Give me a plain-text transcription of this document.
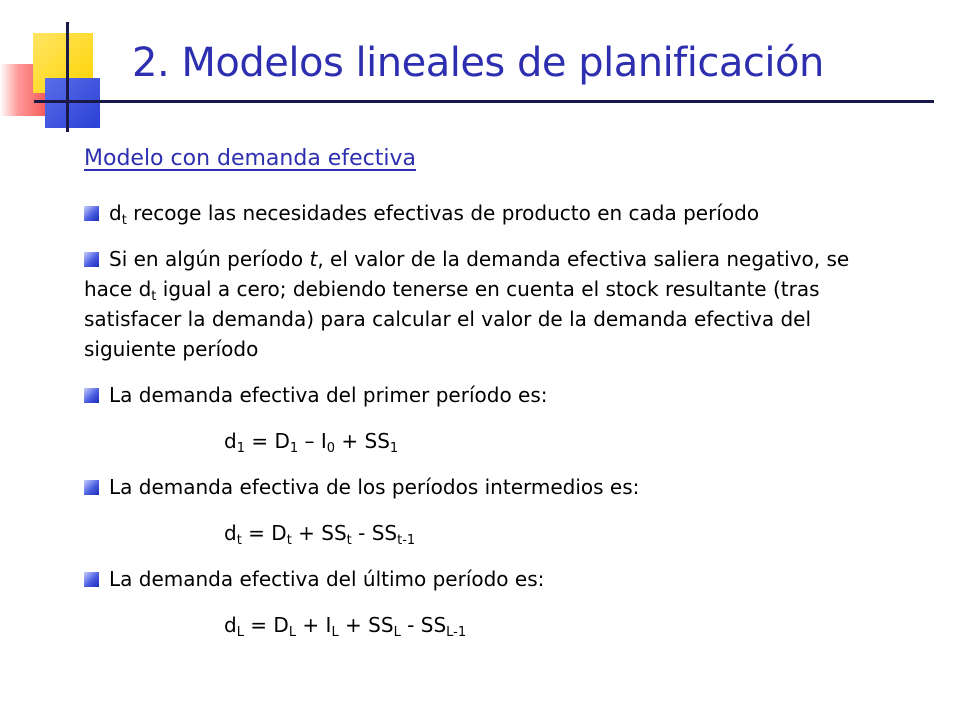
2. Modelos lineales de planificación
Modelo con demanda efectiva

$d_t$ recoge las necesidades efectivas de producto en cada período

Si en algún período t, el valor de la demanda efectiva saliera negativo, se hace $d_t$ igual a cero; debiendo tenerse en cuenta el stock resultante (tras satisfacer la demanda) para calcular el valor de la demanda efectiva del siguiente período

La demanda efectiva del primer período es:

$d_1 = D_1 - I_0 + SS_1$

La demanda efectiva de los períodos intermedios es:

$d_t = D_t + SS_t - SS_{t-1}$

La demanda efectiva del último período es:

$d_L = D_L + I_L + SS_L - SS_{L-1}$
